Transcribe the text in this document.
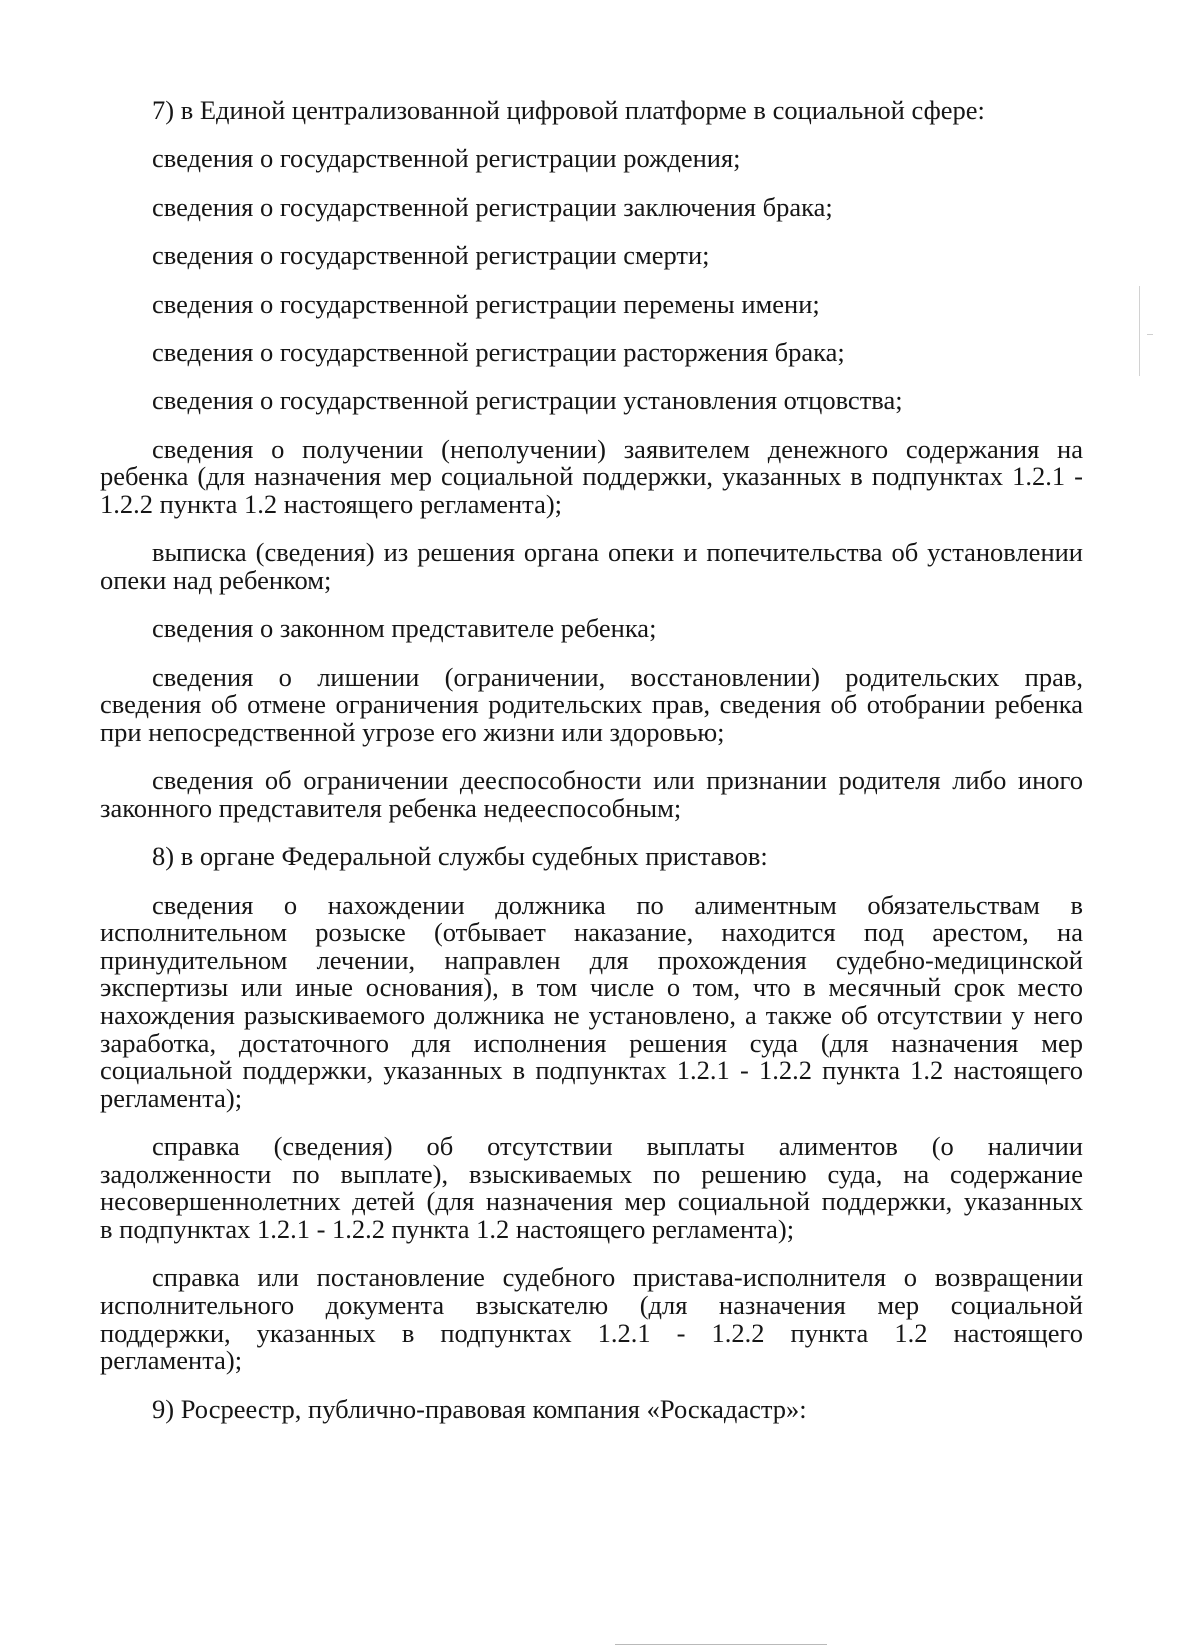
7) в Единой централизованной цифровой платформе в социальной сфере:

сведения о государственной регистрации рождения;

сведения о государственной регистрации заключения брака;

сведения о государственной регистрации смерти;

сведения о государственной регистрации перемены имени;

сведения о государственной регистрации расторжения брака;

сведения о государственной регистрации установления отцовства;

сведения о получении (неполучении) заявителем денежного содержания на
ребенка (для назначения мер социальной поддержки, указанных в подпунктах 1.2.1 -
1.2.2 пункта 1.2 настоящего регламента);

выписка (сведения) из решения органа опеки и попечительства об установлении
опеки над ребенком;

сведения о законном представителе ребенка;

сведения о лишении (ограничении, восстановлении) родительских прав,
сведения об отмене ограничения родительских прав, сведения об отобрании ребенка
при непосредственной угрозе его жизни или здоровью;

сведения об ограничении дееспособности или признании родителя либо иного
законного представителя ребенка недееспособным;

8) в органе Федеральной службы судебных приставов:

сведения о нахождении должника по алиментным обязательствам в
исполнительном розыске (отбывает наказание, находится под арестом, на
принудительном лечении, направлен для прохождения судебно-медицинской
экспертизы или иные основания), в том числе о том, что в месячный срок место
нахождения разыскиваемого должника не установлено, а также об отсутствии у него
заработка, достаточного для исполнения решения суда (для назначения мер
социальной поддержки, указанных в подпунктах 1.2.1 - 1.2.2 пункта 1.2 настоящего
регламента);

справка (сведения) об отсутствии выплаты алиментов (о наличии
задолженности по выплате), взыскиваемых по решению суда, на содержание
несовершеннолетних детей (для назначения мер социальной поддержки, указанных
в подпунктах 1.2.1 - 1.2.2 пункта 1.2 настоящего регламента);

справка или постановление судебного пристава-исполнителя о возвращении
исполнительного документа взыскателю (для назначения мер социальной
поддержки, указанных в подпунктах 1.2.1 - 1.2.2 пункта 1.2 настоящего
регламента);

9) Росреестр, публично-правовая компания «Роскадастр»:
